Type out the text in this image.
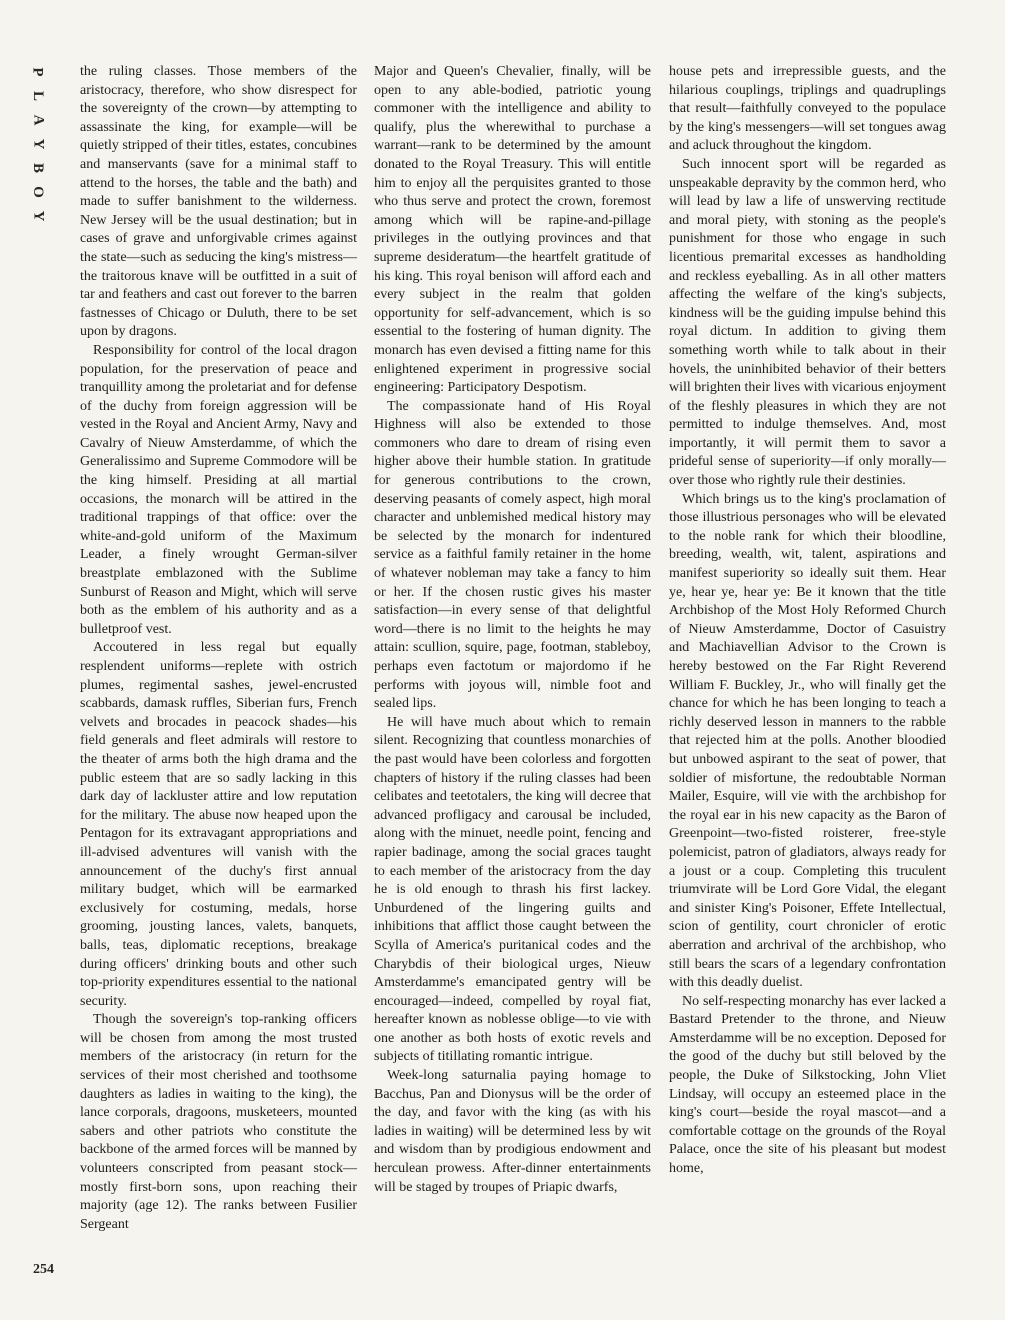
P
L
A
Y
B
O
Y

the ruling classes. Those members of the aristocracy, therefore, who show disrespect for the sovereignty of the crown—by attempting to assassinate the king, for example—will be quietly stripped of their titles, estates, concubines and manservants (save for a minimal staff to attend to the horses, the table and the bath) and made to suffer banishment to the wilderness. New Jersey will be the usual destination; but in cases of grave and unforgivable crimes against the state—such as seducing the king's mistress—the traitorous knave will be outfitted in a suit of tar and feathers and cast out forever to the barren fastnesses of Chicago or Duluth, there to be set upon by dragons.

Responsibility for control of the local dragon population, for the preservation of peace and tranquillity among the proletariat and for defense of the duchy from foreign aggression will be vested in the Royal and Ancient Army, Navy and Cavalry of Nieuw Amsterdamme, of which the Generalissimo and Supreme Commodore will be the king himself. Presiding at all martial occasions, the monarch will be attired in the traditional trappings of that office: over the white-and-gold uniform of the Maximum Leader, a finely wrought German-silver breastplate emblazoned with the Sublime Sunburst of Reason and Might, which will serve both as the emblem of his authority and as a bulletproof vest.

Accoutered in less regal but equally resplendent uniforms—replete with ostrich plumes, regimental sashes, jewel-encrusted scabbards, damask ruffles, Siberian furs, French velvets and brocades in peacock shades—his field generals and fleet admirals will restore to the theater of arms both the high drama and the public esteem that are so sadly lacking in this dark day of lackluster attire and low reputation for the military. The abuse now heaped upon the Pentagon for its extravagant appropriations and ill-advised adventures will vanish with the announcement of the duchy's first annual military budget, which will be earmarked exclusively for costuming, medals, horse grooming, jousting lances, valets, banquets, balls, teas, diplomatic receptions, breakage during officers' drinking bouts and other such top-priority expenditures essential to the national security.

Though the sovereign's top-ranking officers will be chosen from among the most trusted members of the aristocracy (in return for the services of their most cherished and toothsome daughters as ladies in waiting to the king), the lance corporals, dragoons, musketeers, mounted sabers and other patriots who constitute the backbone of the armed forces will be manned by volunteers conscripted from peasant stock—mostly first-born sons, upon reaching their majority (age 12). The ranks between Fusilier Sergeant

Major and Queen's Chevalier, finally, will be open to any able-bodied, patriotic young commoner with the intelligence and ability to qualify, plus the wherewithal to purchase a warrant—rank to be determined by the amount donated to the Royal Treasury. This will entitle him to enjoy all the perquisites granted to those who thus serve and protect the crown, foremost among which will be rapine-and-pillage privileges in the outlying provinces and that supreme desideratum—the heartfelt gratitude of his king. This royal benison will afford each and every subject in the realm that golden opportunity for self-advancement, which is so essential to the fostering of human dignity. The monarch has even devised a fitting name for this enlightened experiment in progressive social engineering: Participatory Despotism.

The compassionate hand of His Royal Highness will also be extended to those commoners who dare to dream of rising even higher above their humble station. In gratitude for generous contributions to the crown, deserving peasants of comely aspect, high moral character and unblemished medical history may be selected by the monarch for indentured service as a faithful family retainer in the home of whatever nobleman may take a fancy to him or her. If the chosen rustic gives his master satisfaction—in every sense of that delightful word—there is no limit to the heights he may attain: scullion, squire, page, footman, stableboy, perhaps even factotum or majordomo if he performs with joyous will, nimble foot and sealed lips.

He will have much about which to remain silent. Recognizing that countless monarchies of the past would have been colorless and forgotten chapters of history if the ruling classes had been celibates and teetotalers, the king will decree that advanced profligacy and carousal be included, along with the minuet, needle point, fencing and rapier badinage, among the social graces taught to each member of the aristocracy from the day he is old enough to thrash his first lackey. Unburdened of the lingering guilts and inhibitions that afflict those caught between the Scylla of America's puritanical codes and the Charybdis of their biological urges, Nieuw Amsterdamme's emancipated gentry will be encouraged—indeed, compelled by royal fiat, hereafter known as noblesse oblige—to vie with one another as both hosts of exotic revels and subjects of titillating romantic intrigue.

Week-long saturnalia paying homage to Bacchus, Pan and Dionysus will be the order of the day, and favor with the king (as with his ladies in waiting) will be determined less by wit and wisdom than by prodigious endowment and herculean prowess. After-dinner entertainments will be staged by troupes of Priapic dwarfs,

house pets and irrepressible guests, and the hilarious couplings, triplings and quadruplings that result—faithfully conveyed to the populace by the king's messengers—will set tongues awag and acluck throughout the kingdom.

Such innocent sport will be regarded as unspeakable depravity by the common herd, who will lead by law a life of unswerving rectitude and moral piety, with stoning as the people's punishment for those who engage in such licentious premarital excesses as handholding and reckless eyeballing. As in all other matters affecting the welfare of the king's subjects, kindness will be the guiding impulse behind this royal dictum. In addition to giving them something worth while to talk about in their hovels, the uninhibited behavior of their betters will brighten their lives with vicarious enjoyment of the fleshly pleasures in which they are not permitted to indulge themselves. And, most importantly, it will permit them to savor a prideful sense of superiority—if only morally—over those who rightly rule their destinies.

Which brings us to the king's proclamation of those illustrious personages who will be elevated to the noble rank for which their bloodline, breeding, wealth, wit, talent, aspirations and manifest superiority so ideally suit them. Hear ye, hear ye, hear ye: Be it known that the title Archbishop of the Most Holy Reformed Church of Nieuw Amsterdamme, Doctor of Casuistry and Machiavellian Advisor to the Crown is hereby bestowed on the Far Right Reverend William F. Buckley, Jr., who will finally get the chance for which he has been longing to teach a richly deserved lesson in manners to the rabble that rejected him at the polls. Another bloodied but unbowed aspirant to the seat of power, that soldier of misfortune, the redoubtable Norman Mailer, Esquire, will vie with the archbishop for the royal ear in his new capacity as the Baron of Greenpoint—two-fisted roisterer, free-style polemicist, patron of gladiators, always ready for a joust or a coup. Completing this truculent triumvirate will be Lord Gore Vidal, the elegant and sinister King's Poisoner, Effete Intellectual, scion of gentility, court chronicler of erotic aberration and archrival of the archbishop, who still bears the scars of a legendary confrontation with this deadly duelist.

No self-respecting monarchy has ever lacked a Bastard Pretender to the throne, and Nieuw Amsterdamme will be no exception. Deposed for the good of the duchy but still beloved by the people, the Duke of Silkstocking, John Vliet Lindsay, will occupy an esteemed place in the king's court—beside the royal mascot—and a comfortable cottage on the grounds of the Royal Palace, once the site of his pleasant but modest home,

254
